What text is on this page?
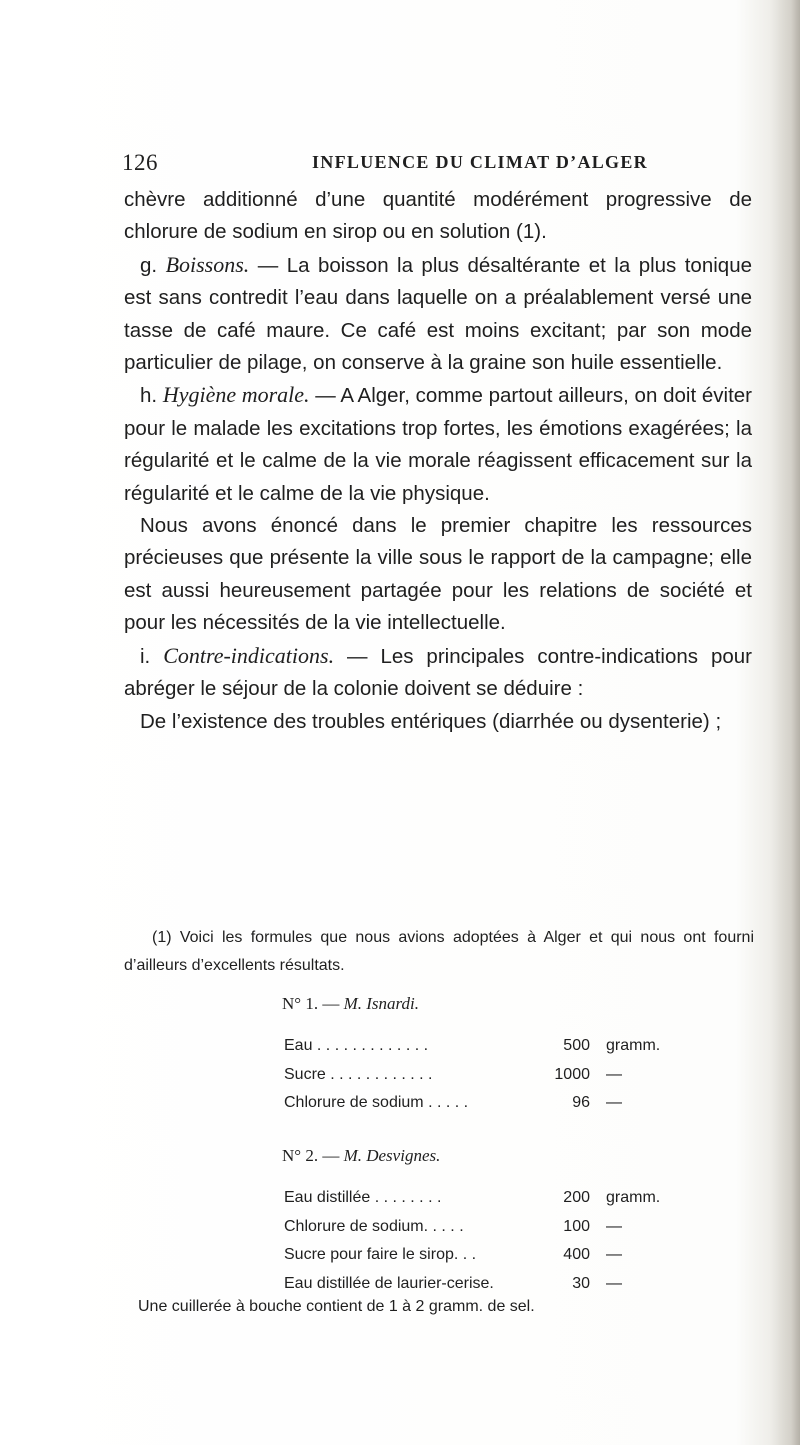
126	INFLUENCE DU CLIMAT D’ALGER

chèvre additionné d’une quantité modérément progressive de chlorure de sodium en sirop ou en solution (1).

g. Boissons. — La boisson la plus désaltérante et la plus tonique est sans contredit l’eau dans laquelle on a préalablement versé une tasse de café maure. Ce café est moins excitant; par son mode particulier de pilage, on conserve à la graine son huile essentielle.

h. Hygiène morale. — A Alger, comme partout ailleurs, on doit éviter pour le malade les excitations trop fortes, les émotions exagérées; la régularité et le calme de la vie morale réagissent efficacement sur la régularité et le calme de la vie physique.

Nous avons énoncé dans le premier chapitre les ressources précieuses que présente la ville sous le rapport de la campagne; elle est aussi heureusement partagée pour les relations de société et pour les nécessités de la vie intellectuelle.

i. Contre-indications. — Les principales contre-indications pour abréger le séjour de la colonie doivent se déduire :

De l’existence des troubles entériques (diarrhée ou dysenterie) ;

(1) Voici les formules que nous avions adoptées à Alger et qui nous ont fourni d’ailleurs d’excellents résultats.

N° 1. — M. Isnardi.
Eau . . . . . . . . . . . . .	500 gramm.
Sucre . . . . . . . . . . . .	1000 —
Chlorure de sodium . . . . .	96 —
N° 2. — M. Desvignes.
Eau distillée . . . . . . . .	200 gramm.
Chlorure de sodium. . . . .	100 —
Sucre pour faire le sirop. . .	400 —
Eau distillée de laurier-cerise.	30 —
Une cuillerée à bouche contient de 1 à 2 gramm. de sel.
